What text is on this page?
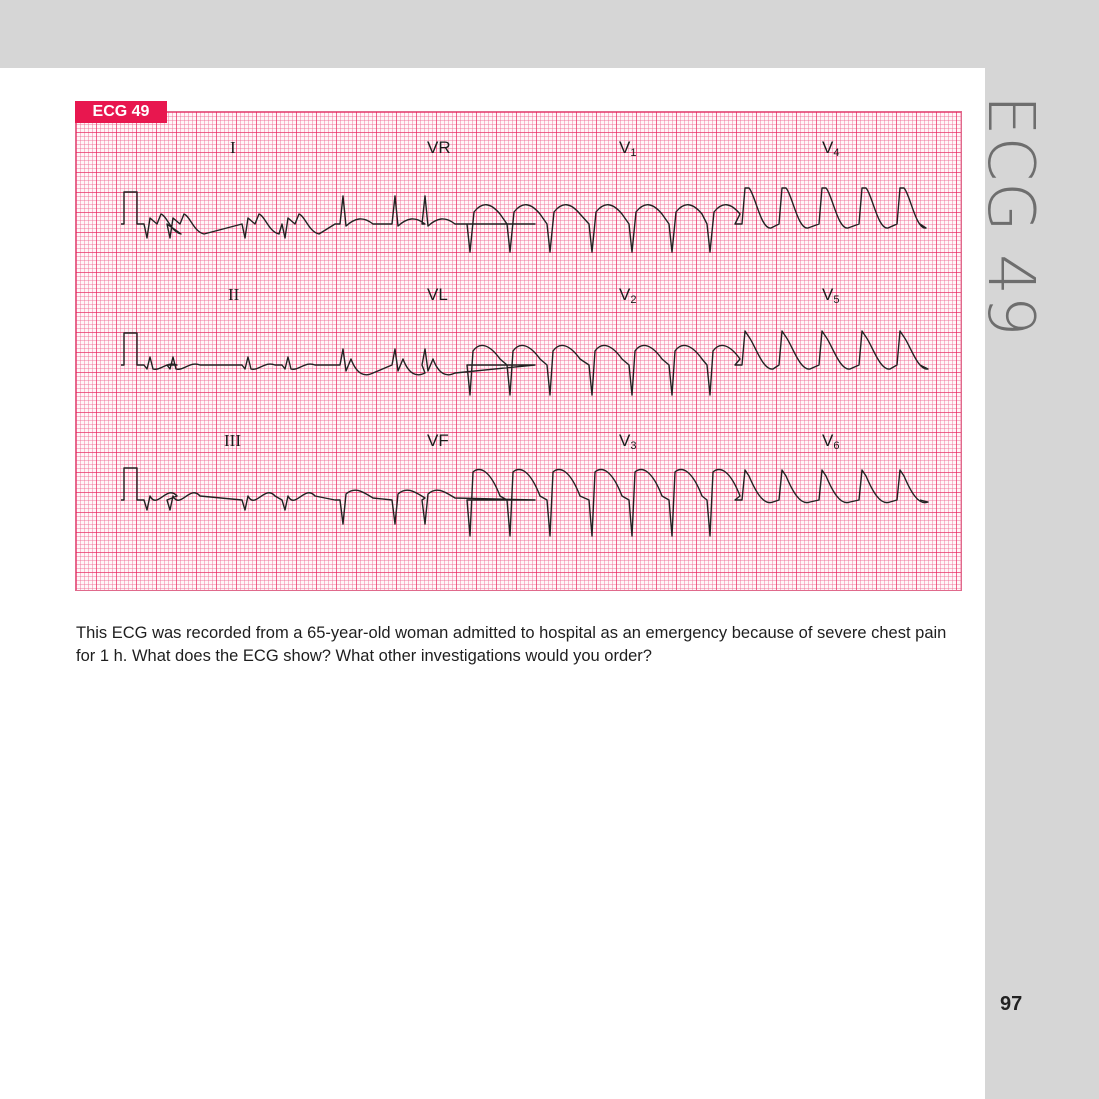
ECG 49
97
ECG 49
I	VR	$V_1$	$V_4$
II	VL	$V_2$	$V_5$
III	VF	$V_3$	$V_6$
This ECG was recorded from a 65-year-old woman admitted to hospital as an emergency because of severe chest pain for 1 h. What does the ECG show? What other investigations would you order?
